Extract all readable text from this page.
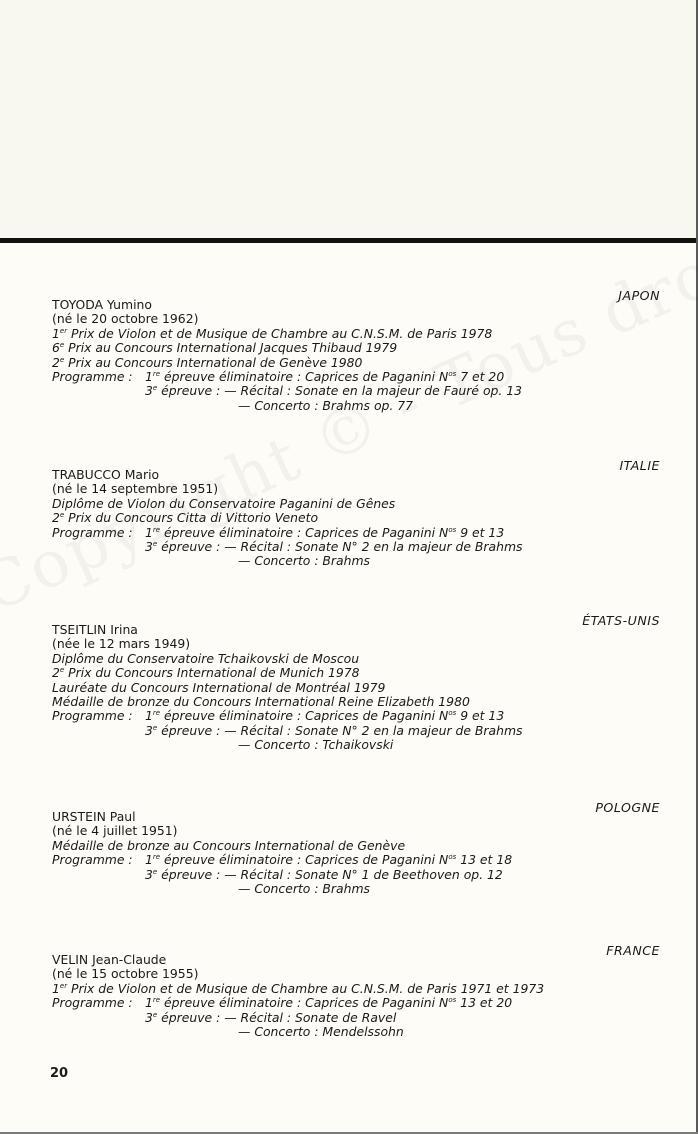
JAPON
TOYODA Yumino
(né le 20 octobre 1962)
1er Prix de Violon et de Musique de Chambre au C.N.S.M. de Paris 1978
6e Prix au Concours International Jacques Thibaud 1979
2e Prix au Concours International de Genève 1980
Programme :	1re épreuve éliminatoire : Caprices de Paganini $N^{os}$ 7 et 20
3e épreuve : — Récital : Sonate en la majeur de Fauré op. 13
— Concerto : Brahms op. 77
ITALIE
TRABUCCO Mario
(né le 14 septembre 1951)
Diplôme de Violon du Conservatoire Paganini de Gênes
2e Prix du Concours Citta di Vittorio Veneto
Programme :	1re épreuve éliminatoire : Caprices de Paganini $N^{os}$ 9 et 13
3e épreuve : — Récital : Sonate N° 2 en la majeur de Brahms
— Concerto : Brahms
ÉTATS-UNIS
TSEITLIN Irina
(née le 12 mars 1949)
Diplôme du Conservatoire Tchaikovski de Moscou
2e Prix du Concours International de Munich 1978
Lauréate du Concours International de Montréal 1979
Médaille de bronze du Concours International Reine Elizabeth 1980
Programme :	1re épreuve éliminatoire : Caprices de Paganini $N^{os}$ 9 et 13
3e épreuve : — Récital : Sonate N° 2 en la majeur de Brahms
— Concerto : Tchaikovski
POLOGNE
URSTEIN Paul
(né le 4 juillet 1951)
Médaille de bronze au Concours International de Genève
Programme :	1re épreuve éliminatoire : Caprices de Paganini $N^{os}$ 13 et 18
3e épreuve : — Récital : Sonate N° 1 de Beethoven op. 12
— Concerto : Brahms
FRANCE
VELIN Jean-Claude
(né le 15 octobre 1955)
1er Prix de Violon et de Musique de Chambre au C.N.S.M. de Paris 1971 et 1973
Programme :	1re épreuve éliminatoire : Caprices de Paganini $N^{os}$ 13 et 20
3e épreuve : — Récital : Sonate de Ravel
— Concerto : Mendelssohn
20
